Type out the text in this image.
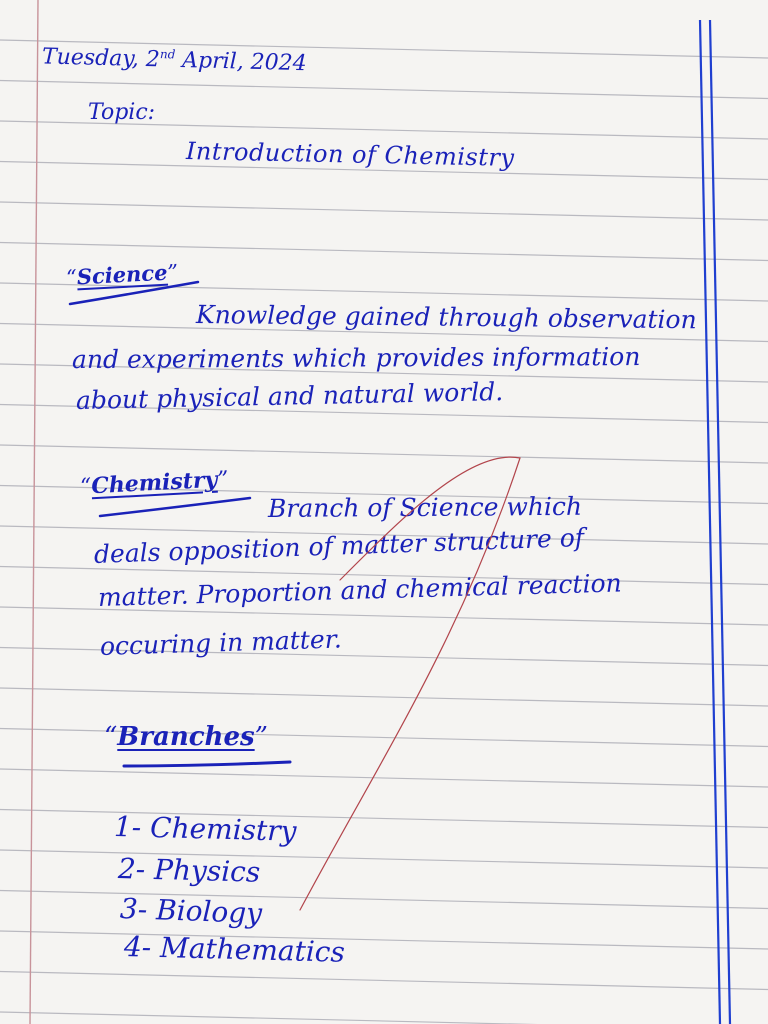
Tuesday, 2nd April, 2024
Topic:
Introduction of Chemistry
“Science”
Knowledge gained through observation
and experiments which provides information
about physical and natural world.
“Chemistry”
Branch of Science which
deals opposition of matter structure of
matter. Proportion and chemical reaction
occuring in matter.
“Branches”
1- Chemistry
2- Physics
3- Biology
4- Mathematics
